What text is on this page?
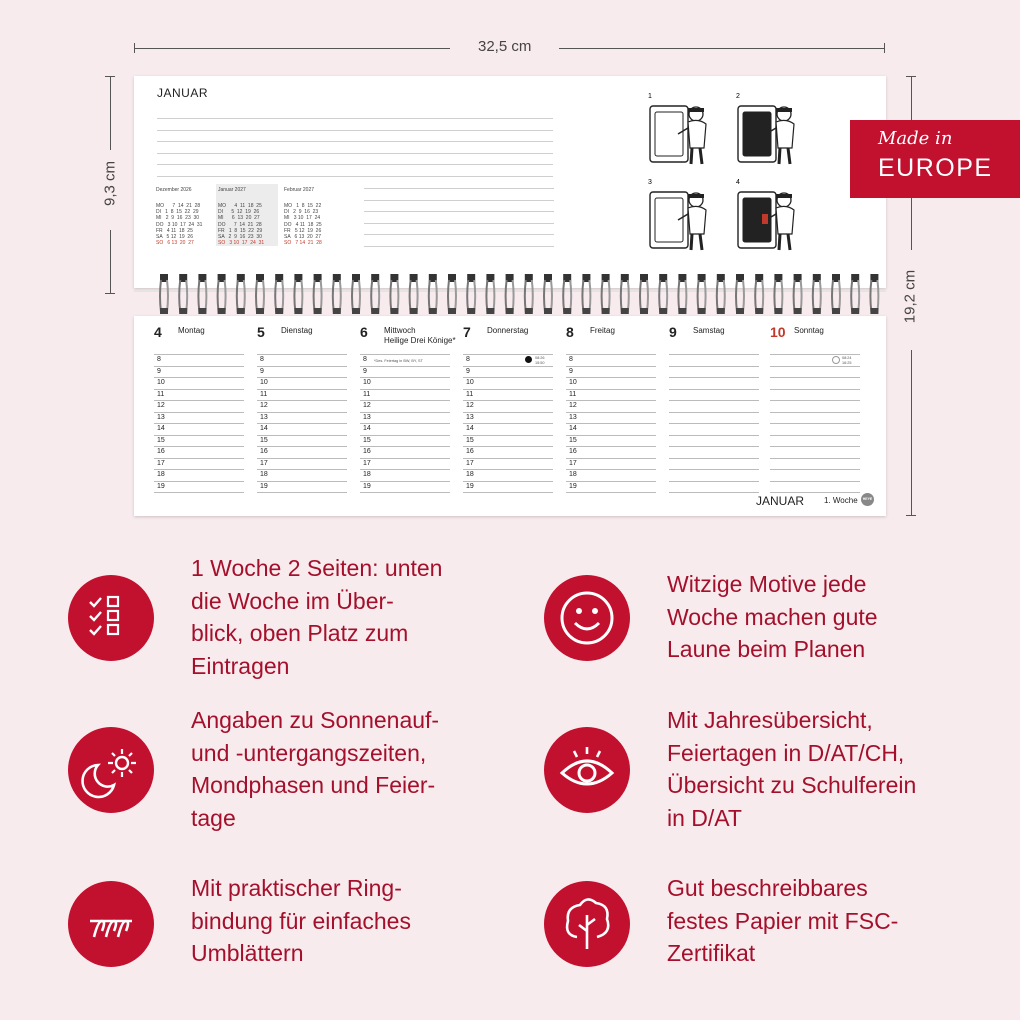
32,5 cm
9,3 cm
19,2 cm
JANUAR
Dezember 2026
MO      7  14  21  28
DI   1  8  15  22  29
MI   2  9  16  23  30
DO   3 10  17  24  31
FR   4 11  18  25
SA   5 12  19  26
SO   6 13  20  27
Januar 2027
MO      4  11  18  25
DI      5  12  19  26
MI      6  13  20  27
DO      7  14  21  28
FR   1  8  15  22  29
SA   2  9  16  23  30
SO   3 10  17  24  31
Februar 2027
MO   1  8  15  22
DI   2  9  16  23
MI   3 10  17  24
DO   4 11  18  25
FR   5 12  19  26
SA   6 13  20  27
SO   7 14  21  28
1	2
3	4
4 Montag
8
9
10
11
12
13
14
15
16
17
18
19
5 Dienstag
8
9
10
11
12
13
14
15
16
17
18
19
6 Mittwoch
Heilige Drei Könige*
*Des. Feiertag in BW, BY, ST
8
9
10
11
12
13
14
15
16
17
18
19
7 Donnerstag
08:26 15:50
8
9
10
11
12
13
14
15
16
17
18
19
8 Freitag
8
9
10
11
12
13
14
15
16
17
18
19
9 Samstag	10 Sonntag
08:24 16:25
JANUAR 1. Woche	HEYE
Made in
EUROPE
1 Woche 2 Seiten: unten
die Woche im Über-
blick, oben Platz zum
Eintragen
Witzige Motive jede
Woche machen gute
Laune beim Planen
Angaben zu Sonnenauf-
und -untergangszeiten,
Mondphasen und Feier-
tage
Mit Jahresübersicht,
Feiertagen in D/AT/CH,
Übersicht zu Schulferein
in D/AT
Mit praktischer Ring-
bindung für einfaches
Umblättern
Gut beschreibbares
festes Papier mit FSC-
Zertifikat
